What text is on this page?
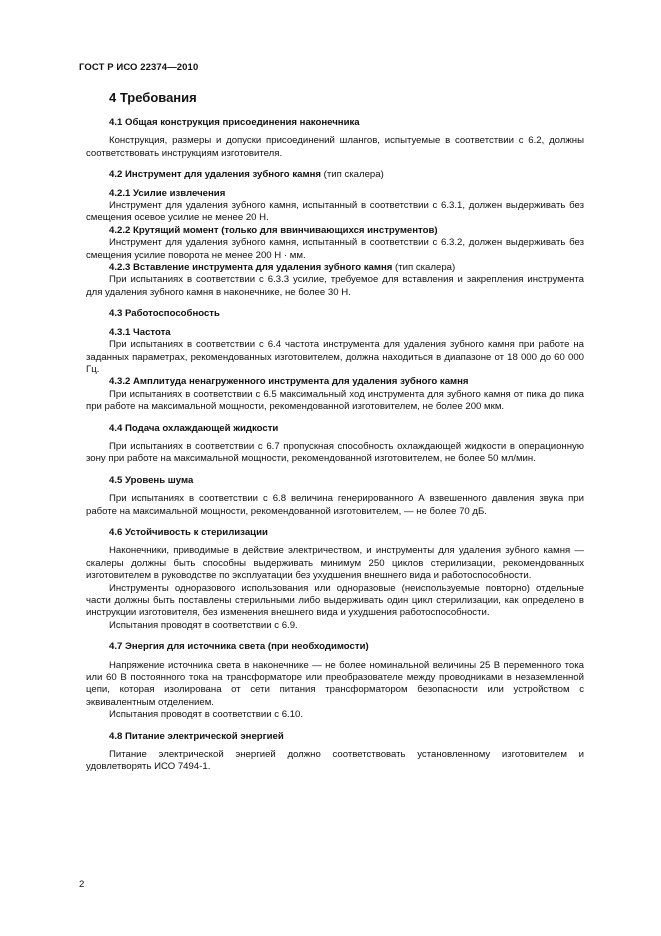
ГОСТ Р ИСО 22374—2010
4 Требования
4.1 Общая конструкция присоединения наконечника

Конструкция, размеры и допуски присоединений шлангов, испытуемые в соответствии с 6.2, должны соответствовать инструкциям изготовителя.

4.2 Инструмент для удаления зубного камня (тип скалера)
4.2.1 Усилие извлечения

Инструмент для удаления зубного камня, испытанный в соответствии с 6.3.1, должен выдерживать без смещения осевое усилие не менее 20 Н.

4.2.2 Крутящий момент (только для ввинчивающихся инструментов)

Инструмент для удаления зубного камня, испытанный в соответствии с 6.3.2, должен выдерживать без смещения усилие поворота не менее 200 Н · мм.

4.2.3 Вставление инструмента для удаления зубного камня (тип скалера)

При испытаниях в соответствии с 6.3.3 усилие, требуемое для вставления и закрепления инструмента для удаления зубного камня в наконечнике, не более 30 Н.

4.3 Работоспособность
4.3.1 Частота

При испытаниях в соответствии с 6.4 частота инструмента для удаления зубного камня при работе на заданных параметрах, рекомендованных изготовителем, должна находиться в диапазоне от 18 000 до 60 000 Гц.

4.3.2 Амплитуда ненагруженного инструмента для удаления зубного камня

При испытаниях в соответствии с 6.5 максимальный ход инструмента для зубного камня от пика до пика при работе на максимальной мощности, рекомендованной изготовителем, не более 200 мкм.

4.4 Подача охлаждающей жидкости

При испытаниях в соответствии с 6.7 пропускная способность охлаждающей жидкости в операционную зону при работе на максимальной мощности, рекомендованной изготовителем, не более 50 мл/мин.

4.5 Уровень шума

При испытаниях в соответствии с 6.8 величина генерированного А взвешенного давления звука при работе на максимальной мощности, рекомендованной изготовителем, — не более 70 дБ.

4.6 Устойчивость к стерилизации

Наконечники, приводимые в действие электричеством, и инструменты для удаления зубного камня — скалеры должны быть способны выдерживать минимум 250 циклов стерилизации, рекомендованных изготовителем в руководстве по эксплуатации без ухудшения внешнего вида и работоспособности.

Инструменты одноразового использования или одноразовые (неиспользуемые повторно) отдельные части должны быть поставлены стерильными либо выдерживать один цикл стерилизации, как определено в инструкции изготовителя, без изменения внешнего вида и ухудшения работоспособности.

Испытания проводят в соответствии с 6.9.

4.7 Энергия для источника света (при необходимости)

Напряжение источника света в наконечнике — не более номинальной величины 25 В переменного тока или 60 В постоянного тока на трансформаторе или преобразователе между проводниками в незаземленной цепи, которая изолирована от сети питания трансформатором безопасности или устройством с эквивалентным отделением.

Испытания проводят в соответствии с 6.10.

4.8 Питание электрической энергией

Питание электрической энергией должно соответствовать установленному изготовителем и удовлетворять ИСО 7494-1.

2
